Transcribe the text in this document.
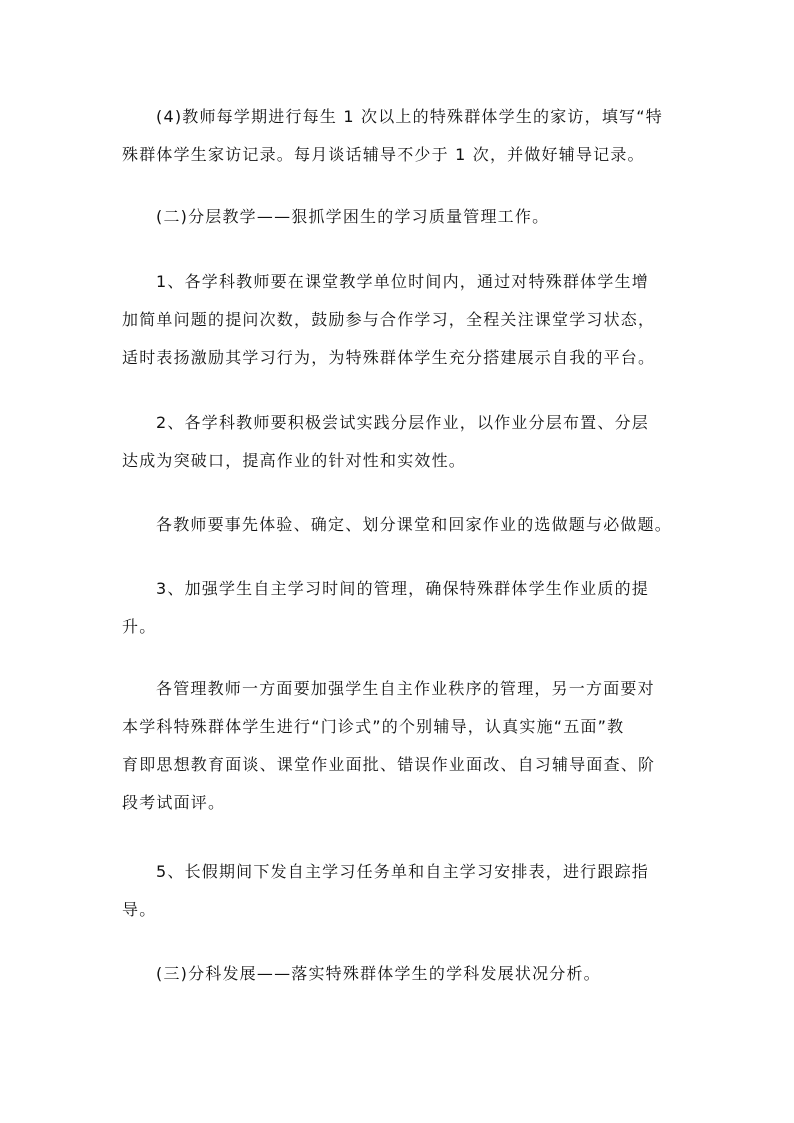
(4)教师每学期进行每生 1 次以上的特殊群体学生的家访，填写“特
殊群体学生家访记录。每月谈话辅导不少于 1 次，并做好辅导记录。
(二)分层教学——狠抓学困生的学习质量管理工作。
1、各学科教师要在课堂教学单位时间内，通过对特殊群体学生增
加简单问题的提问次数，鼓励参与合作学习，全程关注课堂学习状态，
适时表扬激励其学习行为，为特殊群体学生充分搭建展示自我的平台。
2、各学科教师要积极尝试实践分层作业，以作业分层布置、分层
达成为突破口，提高作业的针对性和实效性。
各教师要事先体验、确定、划分课堂和回家作业的选做题与必做题。
3、加强学生自主学习时间的管理，确保特殊群体学生作业质的提
升。
各管理教师一方面要加强学生自主作业秩序的管理，另一方面要对
本学科特殊群体学生进行“门诊式”的个别辅导，认真实施“五面”教
育即思想教育面谈、课堂作业面批、错误作业面改、自习辅导面查、阶
段考试面评。
5、长假期间下发自主学习任务单和自主学习安排表，进行跟踪指
导。
(三)分科发展——落实特殊群体学生的学科发展状况分析。
